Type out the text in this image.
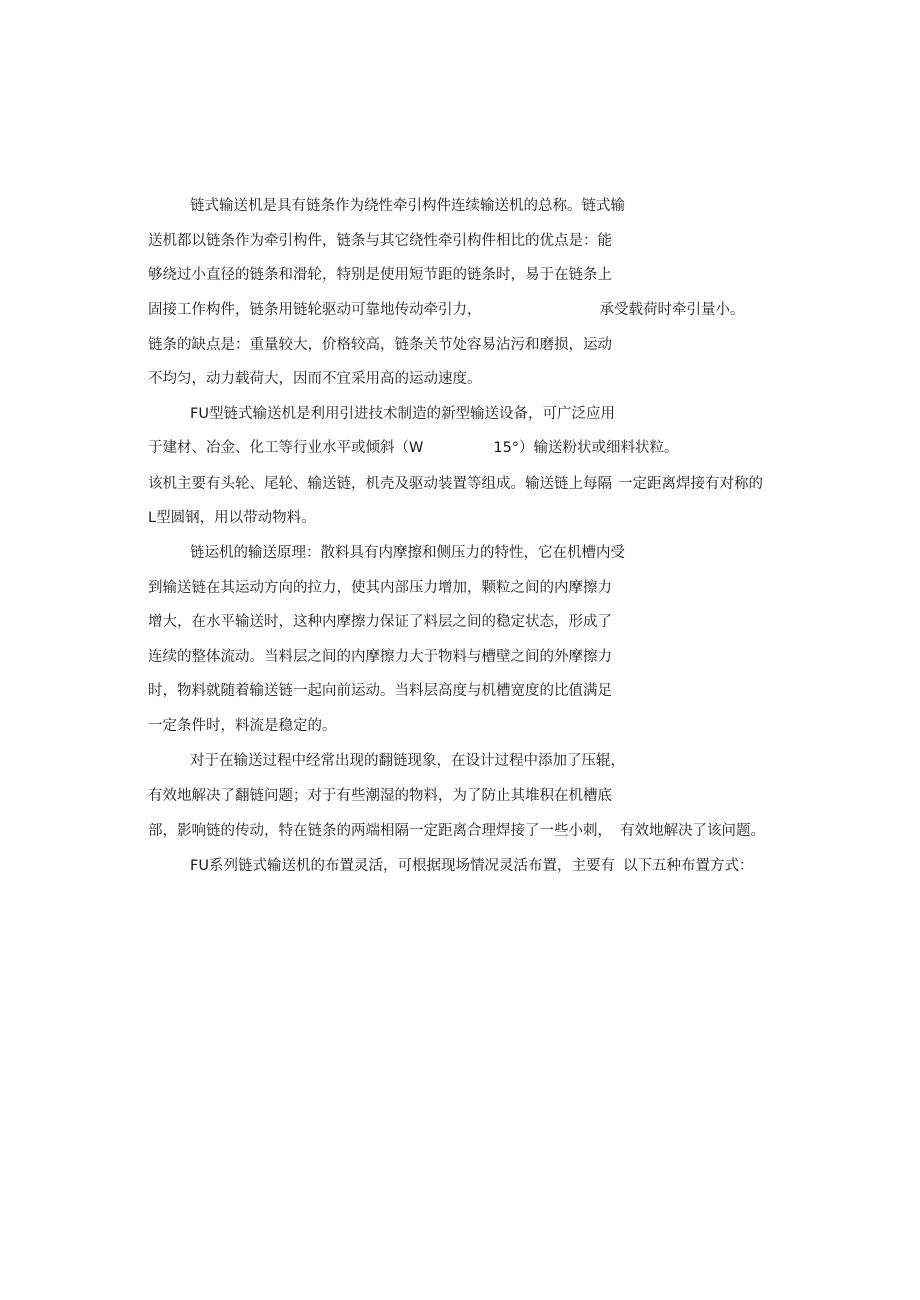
链式输送机是具有链条作为绕性牵引构件连续输送机的总称。链式输
送机都以链条作为牵引构件，链条与其它绕性牵引构件相比的优点是：能
够绕过小直径的链条和滑轮，特别是使用短节距的链条时，易于在链条上
固接工作构件，链条用链轮驱动可靠地传动牵引力，	承受载荷时牵引量小。
链条的缺点是：重量较大，价格较高，链条关节处容易沾污和磨损，运动
不均匀，动力载荷大，因而不宜采用高的运动速度。
FU型链式输送机是利用引进技术制造的新型输送设备，可广泛应用
于建材、冶金、化工等行业水平或倾斜（W	15°）输送粉状或细料状粒。
该机主要有头轮、尾轮、输送链，机壳及驱动装置等组成。输送链上每隔 一定距离焊接有对称的
L型圆钢，用以带动物料。
链运机的输送原理：散料具有内摩擦和侧压力的特性，它在机槽内受
到输送链在其运动方向的拉力，使其内部压力增加，颗粒之间的内摩擦力
增大，在水平输送时，这种内摩擦力保证了料层之间的稳定状态，形成了
连续的整体流动。当料层之间的内摩擦力大于物料与槽壁之间的外摩擦力
时，物料就随着输送链一起向前运动。当料层高度与机槽宽度的比值满足
一定条件时，料流是稳定的。
对于在输送过程中经常出现的翻链现象，在设计过程中添加了压辊，
有效地解决了翻链问题；对于有些潮湿的物料，为了防止其堆积在机槽底
部，影响链的传动，特在链条的两端相隔一定距离合理焊接了一些小刺， 有效地解决了该问题。
FU系列链式输送机的布置灵活，可根据现场情况灵活布置，主要有 以下五种布置方式：
